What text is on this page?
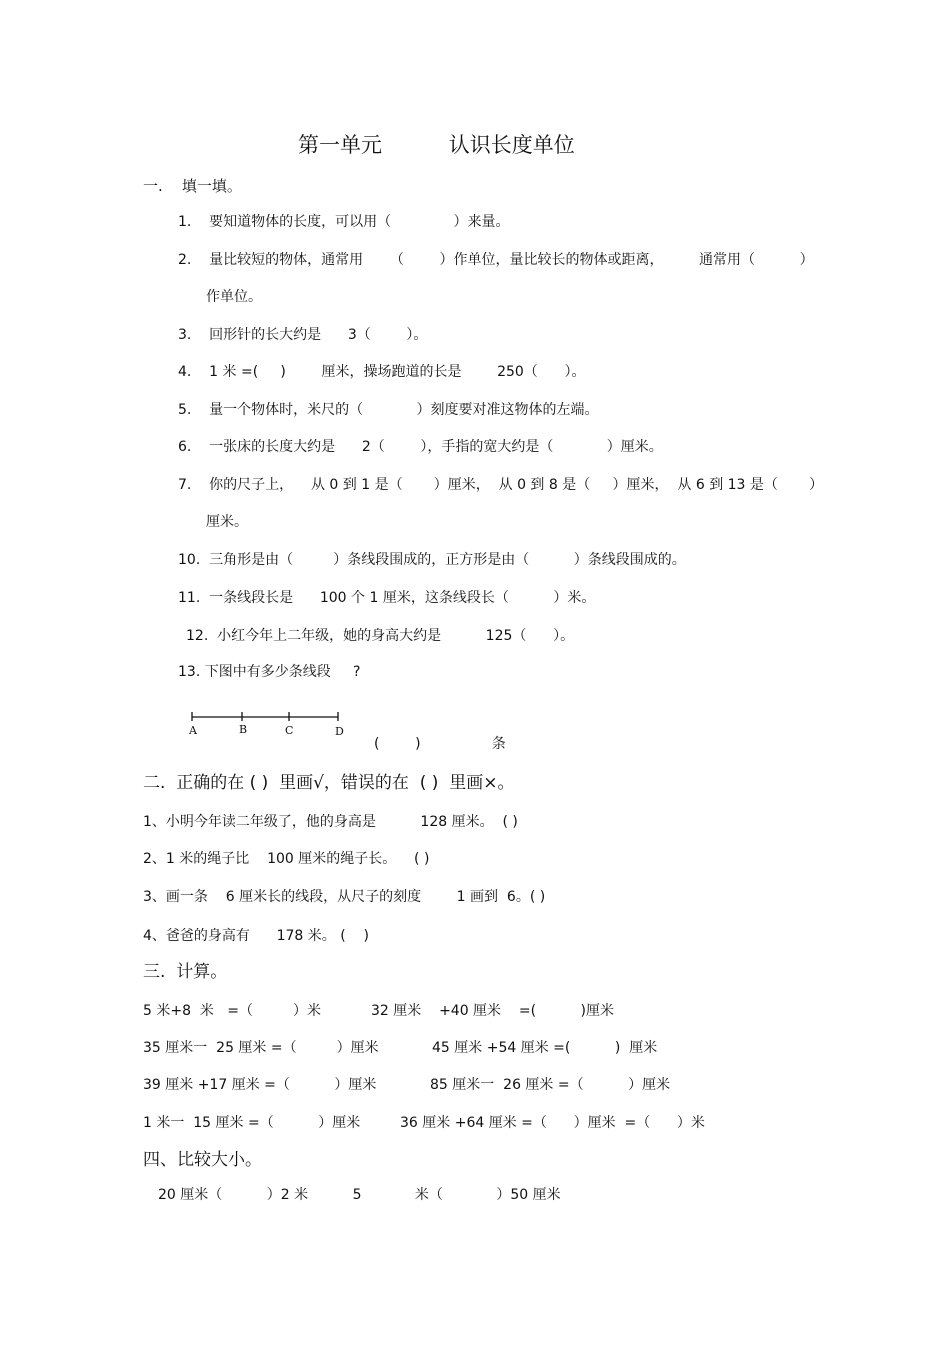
第一单元          认识长度单位
一.    填一填。
1.    要知道物体的长度，可以用（              ）来量。
2.    量比较短的物体，通常用      （        ）作单位，量比较长的物体或距离，        通常用（          ）
作单位。
3.    回形针的长大约是      3（        ）。
4.    1 米 =(     )        厘米，操场跑道的长是        250（      ）。
5.    量一个物体时，米尺的（            ）刻度要对准这物体的左端。
6.    一张床的长度大约是      2（        ），手指的宽大约是（            ）厘米。
7.    你的尺子上，    从 0 到 1 是（       ）厘米，  从 0 到 8 是（     ）厘米，  从 6 到 13 是（       ）
厘米。
10.  三角形是由（         ）条线段围成的，正方形是由（          ）条线段围成的。
11.  一条线段长是      100 个 1 厘米，这条线段长（          ）米。
12.  小红今年上二年级，她的身高大约是          125（      ）。
13. 下图中有多少条线段     ?
A	B	C	D
(        )                条
二.  正确的在 ( )  里画√，错误的在  ( )  里画×。
1、小明今年读二年级了，他的身高是          128 厘米。  ( )
2、1 米的绳子比    100 厘米的绳子长。    ( )
3、画一条    6 厘米长的线段，从尺子的刻度        1 画到  6。( )
4、爸爸的身高有      178 米。 (    )
三.  计算。
5 米+8  米   =（         ）米	32 厘米    +40 厘米    =(          )厘米
35 厘米一  25 厘米 =（         ）厘米	45 厘米 +54 厘米 =(          )  厘米
39 厘米 +17 厘米 =（          ）厘米	85 厘米一  26 厘米 =（          ）厘米
1 米一  15 厘米 =（          ）厘米	36 厘米 +64 厘米 =（      ）厘米  =（      ）米
四、比较大小。
20 厘米（          ）2 米          5            米（            ）50 厘米
